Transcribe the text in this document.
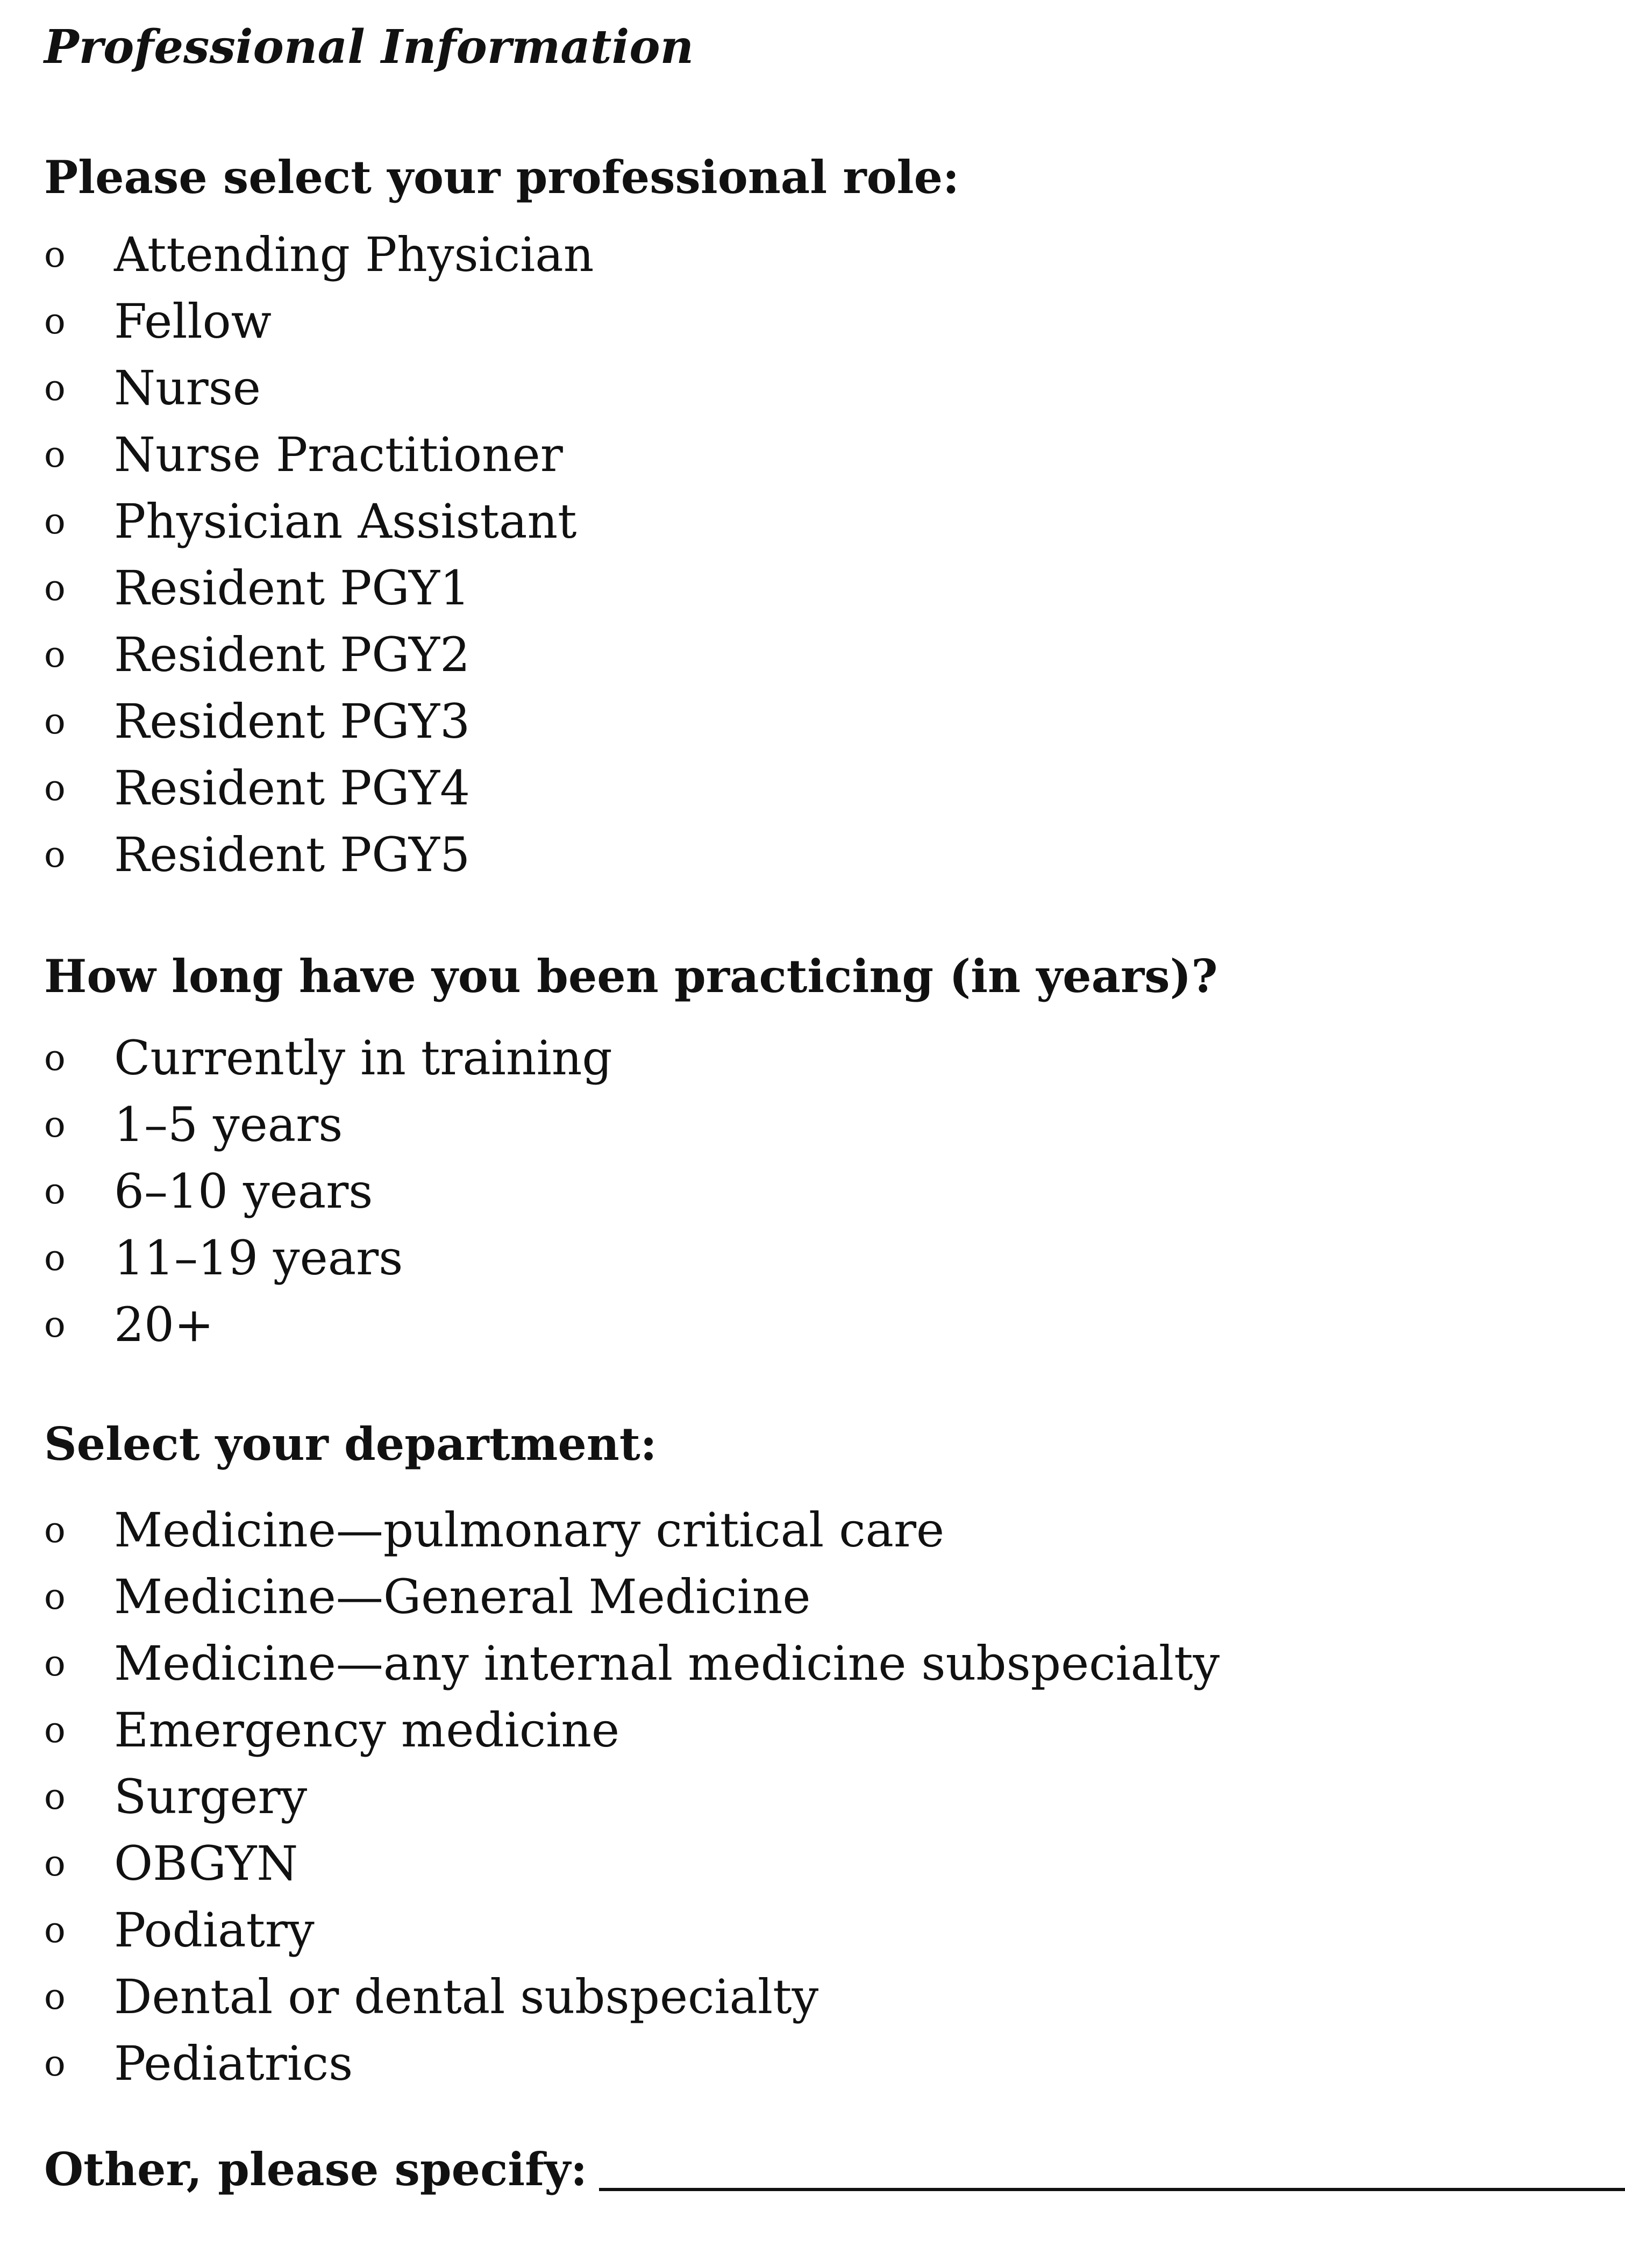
Professional Information
Please select your professional role:
o	Attending Physician
o	Fellow
o	Nurse
o	Nurse Practitioner
o	Physician Assistant
o	Resident PGY1
o	Resident PGY2
o	Resident PGY3
o	Resident PGY4
o	Resident PGY5
How long have you been practicing (in years)?
o	Currently in training
o	1–5 years
o	6–10 years
o	11–19 years
o	20+
Select your department:
o	Medicine—pulmonary critical care
o	Medicine—General Medicine
o	Medicine—any internal medicine subspecialty
o	Emergency medicine
o	Surgery
o	OBGYN
o	Podiatry
o	Dental or dental subspecialty
o	Pediatrics
Other, please specify:
